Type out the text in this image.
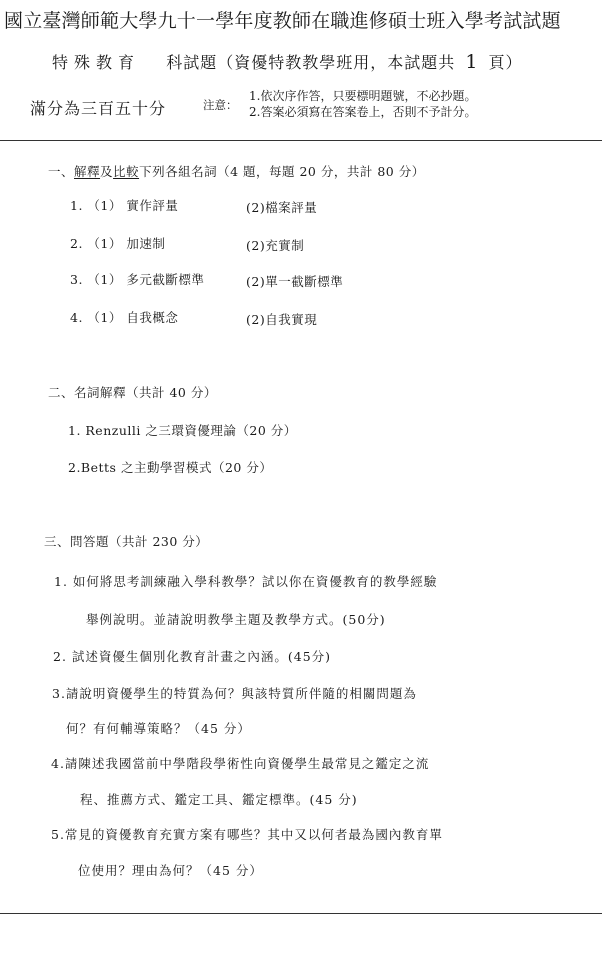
國立臺灣師範大學九十一學年度教師在職進修碩士班入學考試試題
特殊教育 科試題（資優特教教學班用，本試題共 1 頁）
滿分為三百五十分	注意：
1.依次序作答，只要標明題號，不必抄題。
2.答案必須寫在答案卷上，否則不予計分。
一、解釋及比較下列各組名詞（4 題，每題 20 分，共計 80 分）
1. （1） 實作評量	(2)檔案評量
2. （1） 加速制	(2)充實制
3. （1） 多元截斷標準	(2)單一截斷標準
4. （1） 自我概念	(2)自我實現
二、名詞解釋（共計 40 分）
1. Renzulli 之三環資優理論（20 分）
2.Betts 之主動學習模式（20 分）
三、問答題（共計 230 分）
1. 如何將思考訓練融入學科教學？試以你在資優教育的教學經驗
舉例說明。並請說明教學主題及教學方式。(50分)
2. 試述資優生個別化教育計畫之內涵。(45分)
3.請說明資優學生的特質為何？與該特質所伴隨的相關問題為
何？有何輔導策略？（45 分）
4.請陳述我國當前中學階段學術性向資優學生最常見之鑑定之流
程、推薦方式、鑑定工具、鑑定標準。(45 分)
5.常見的資優教育充實方案有哪些？其中又以何者最為國內教育單
位使用？理由為何？（45 分）
